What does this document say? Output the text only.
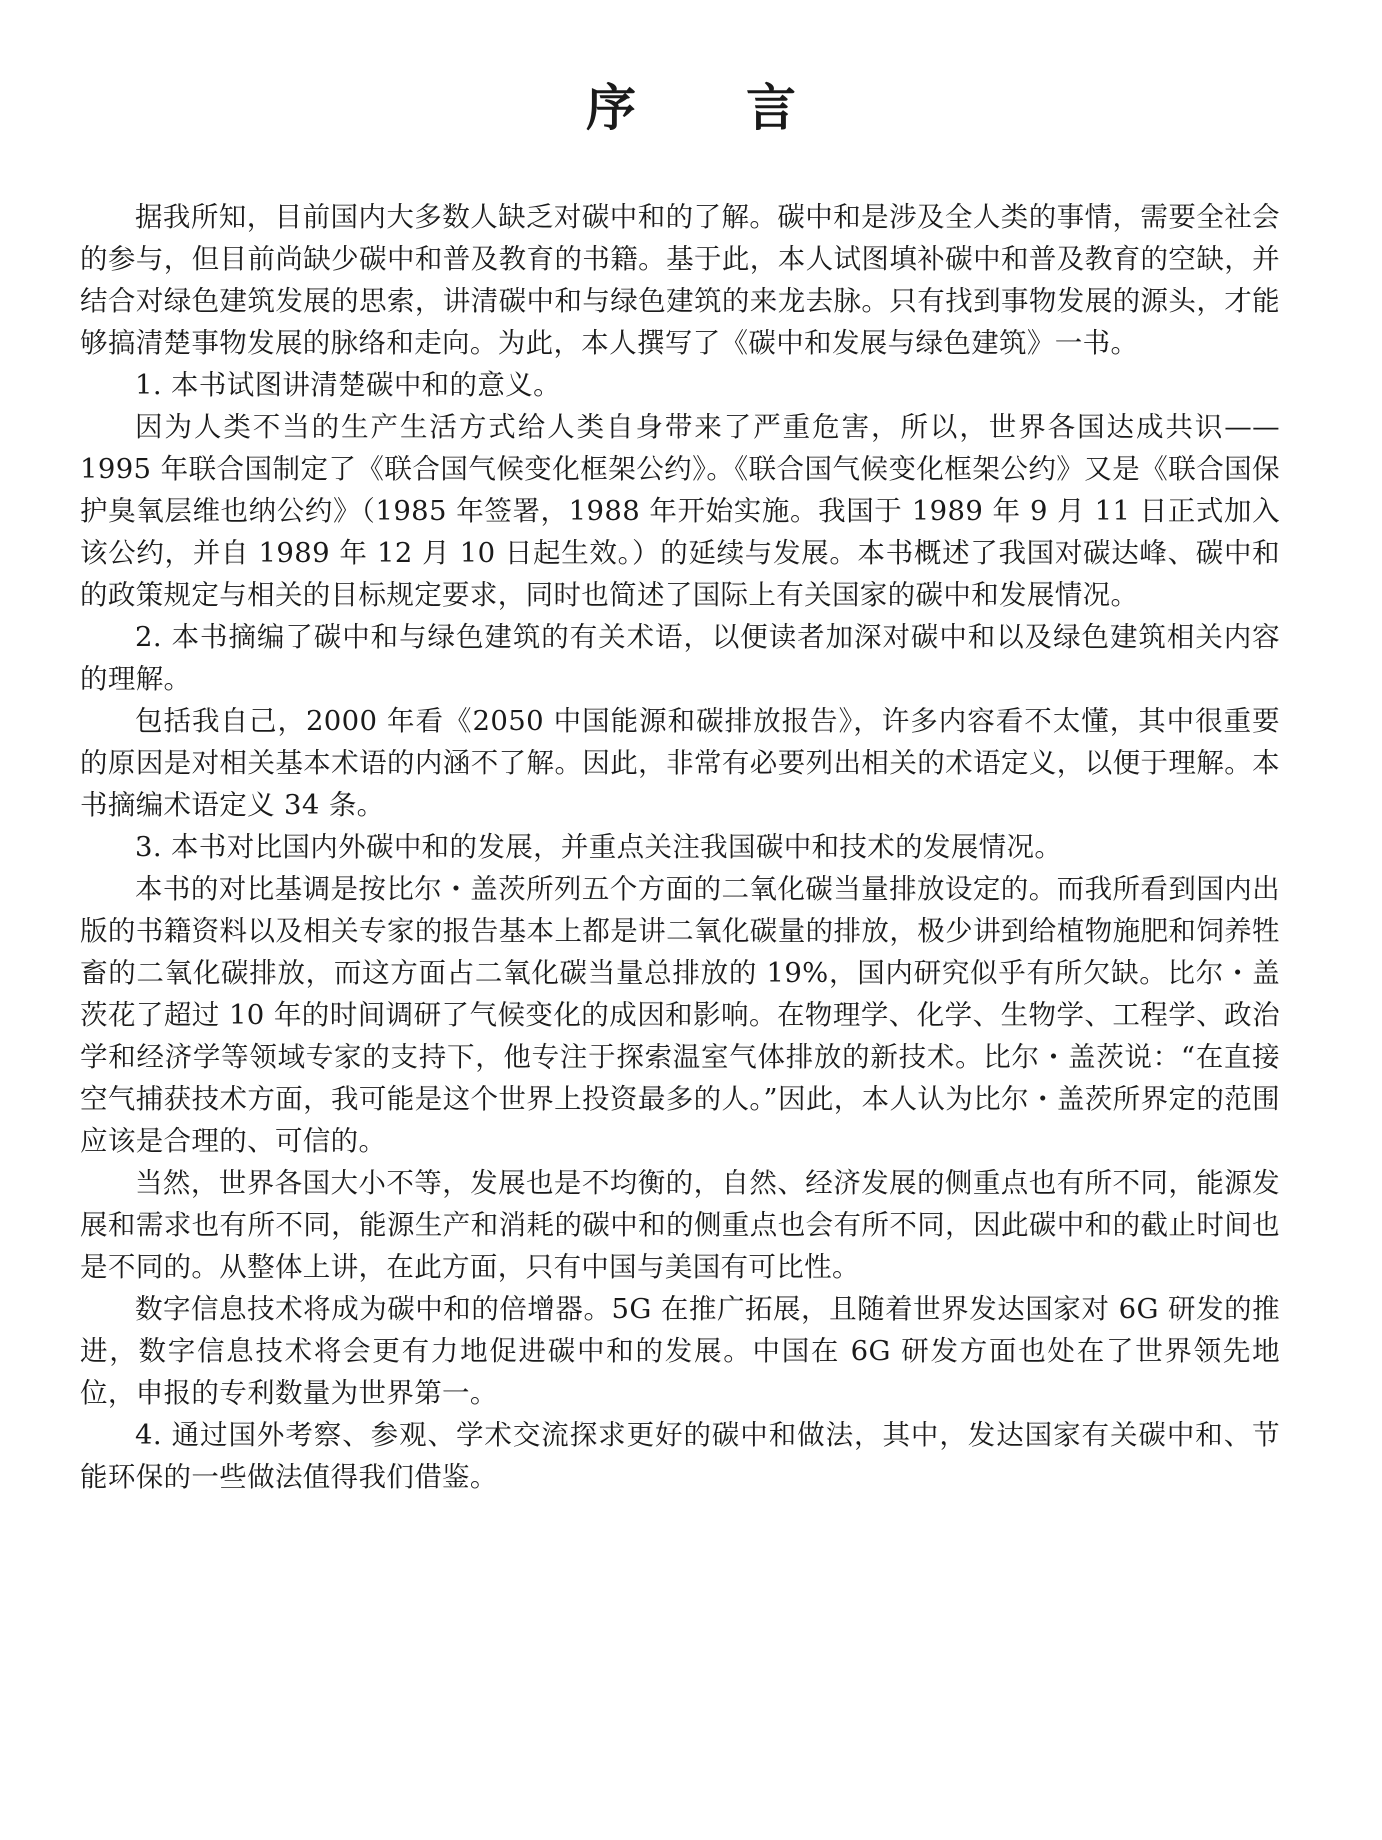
序 言

据我所知，目前国内大多数人缺乏对碳中和的了解。碳中和是涉及全人类的事情，需要全社会的参与，但目前尚缺少碳中和普及教育的书籍。基于此，本人试图填补碳中和普及教育的空缺，并结合对绿色建筑发展的思索，讲清碳中和与绿色建筑的来龙去脉。只有找到事物发展的源头，才能够搞清楚事物发展的脉络和走向。为此，本人撰写了《碳中和发展与绿色建筑》一书。

1. 本书试图讲清楚碳中和的意义。

因为人类不当的生产生活方式给人类自身带来了严重危害，所以，世界各国达成共识——1995 年联合国制定了《联合国气候变化框架公约》。《联合国气候变化框架公约》又是《联合国保护臭氧层维也纳公约》（1985 年签署，1988 年开始实施。我国于 1989 年 9 月 11 日正式加入该公约，并自 1989 年 12 月 10 日起生效。）的延续与发展。本书概述了我国对碳达峰、碳中和的政策规定与相关的目标规定要求，同时也简述了国际上有关国家的碳中和发展情况。

2. 本书摘编了碳中和与绿色建筑的有关术语，以便读者加深对碳中和以及绿色建筑相关内容的理解。

包括我自己，2000 年看《2050 中国能源和碳排放报告》，许多内容看不太懂，其中很重要的原因是对相关基本术语的内涵不了解。因此，非常有必要列出相关的术语定义，以便于理解。本书摘编术语定义 34 条。

3. 本书对比国内外碳中和的发展，并重点关注我国碳中和技术的发展情况。

本书的对比基调是按比尔・盖茨所列五个方面的二氧化碳当量排放设定的。而我所看到国内出版的书籍资料以及相关专家的报告基本上都是讲二氧化碳量的排放，极少讲到给植物施肥和饲养牲畜的二氧化碳排放，而这方面占二氧化碳当量总排放的 19%，国内研究似乎有所欠缺。比尔・盖茨花了超过 10 年的时间调研了气候变化的成因和影响。在物理学、化学、生物学、工程学、政治学和经济学等领域专家的支持下，他专注于探索温室气体排放的新技术。比尔・盖茨说：“在直接空气捕获技术方面，我可能是这个世界上投资最多的人。”因此，本人认为比尔・盖茨所界定的范围应该是合理的、可信的。

当然，世界各国大小不等，发展也是不均衡的，自然、经济发展的侧重点也有所不同，能源发展和需求也有所不同，能源生产和消耗的碳中和的侧重点也会有所不同，因此碳中和的截止时间也是不同的。从整体上讲，在此方面，只有中国与美国有可比性。

数字信息技术将成为碳中和的倍增器。5G 在推广拓展，且随着世界发达国家对 6G 研发的推进，数字信息技术将会更有力地促进碳中和的发展。中国在 6G 研发方面也处在了世界领先地位，申报的专利数量为世界第一。

4. 通过国外考察、参观、学术交流探求更好的碳中和做法，其中，发达国家有关碳中和、节能环保的一些做法值得我们借鉴。
